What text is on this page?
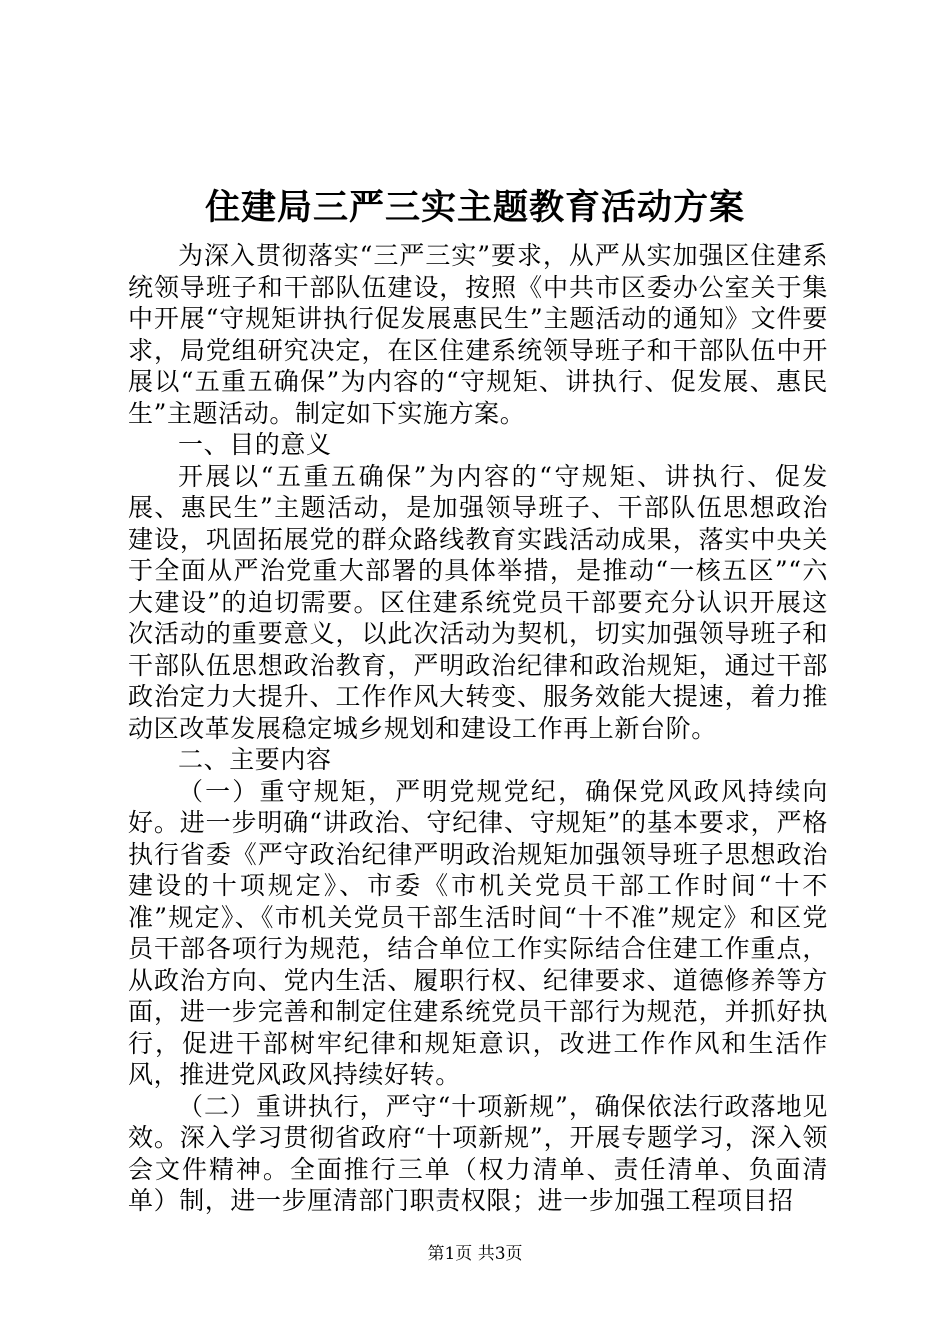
住建局三严三实主题教育活动方案

为深入贯彻落实“三严三实”要求，从严从实加强区住建系统领导班子和干部队伍建设，按照《中共市区委办公室关于集中开展“守规矩讲执行促发展惠民生”主题活动的通知》文件要求，局党组研究决定，在区住建系统领导班子和干部队伍中开展以“五重五确保”为内容的“守规矩、讲执行、促发展、惠民生”主题活动。制定如下实施方案。

一、目的意义

开展以“五重五确保”为内容的“守规矩、讲执行、促发展、惠民生”主题活动，是加强领导班子、干部队伍思想政治建设，巩固拓展党的群众路线教育实践活动成果，落实中央关于全面从严治党重大部署的具体举措，是推动“一核五区”“六大建设”的迫切需要。区住建系统党员干部要充分认识开展这次活动的重要意义，以此次活动为契机，切实加强领导班子和干部队伍思想政治教育，严明政治纪律和政治规矩，通过干部政治定力大提升、工作作风大转变、服务效能大提速，着力推动区改革发展稳定城乡规划和建设工作再上新台阶。

二、主要内容

（一）重守规矩，严明党规党纪，确保党风政风持续向好。进一步明确“讲政治、守纪律、守规矩”的基本要求，严格执行省委《严守政治纪律严明政治规矩加强领导班子思想政治建设的十项规定》、市委《市机关党员干部工作时间“十不准”规定》、《市机关党员干部生活时间“十不准”规定》和区党员干部各项行为规范，结合单位工作实际结合住建工作重点，从政治方向、党内生活、履职行权、纪律要求、道德修养等方面，进一步完善和制定住建系统党员干部行为规范，并抓好执行，促进干部树牢纪律和规矩意识，改进工作作风和生活作风，推进党风政风持续好转。

（二）重讲执行，严守“十项新规”，确保依法行政落地见效。深入学习贯彻省政府“十项新规”，开展专题学习，深入领会文件精神。全面推行三单（权力清单、责任清单、负面清单）制，进一步厘清部门职责权限；进一步加强工程项目招

第1页 共3页
